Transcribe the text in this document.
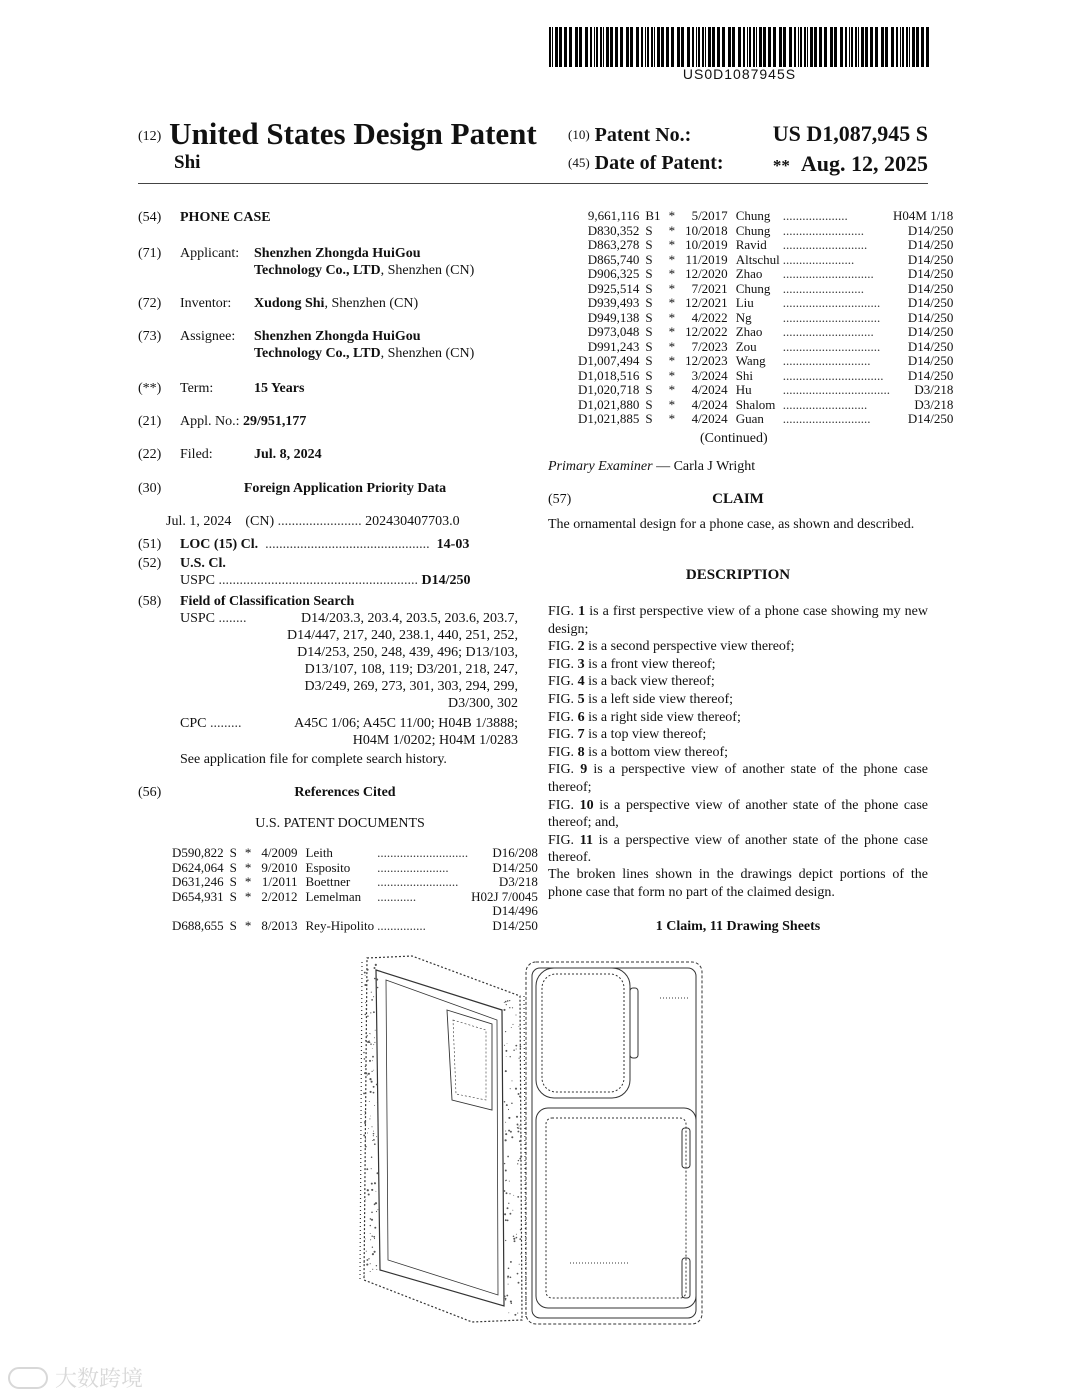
US0D1087945S
(12) United States Design Patent
Shi
(10) Patent No.:	US D1,087,945 S
(45) Date of Patent:	** Aug. 12, 2025
(54)	PHONE CASE
(71)	Applicant: Shenzhen Zhongda HuiGou
Technology Co., LTD, Shenzhen (CN)
(72)	Inventor: Xudong Shi, Shenzhen (CN)
(73)	Assignee: Shenzhen Zhongda HuiGou
Technology Co., LTD, Shenzhen (CN)
(**)	Term:	15 Years
(21)	Appl. No.: 29/951,177
(22)	Filed:	Jul. 8, 2024
(30)	Foreign Application Priority Data
Jul. 1, 2024 (CN) ........................ 202430407703.0
(51)	LOC (15) Cl. ............................................... 14-03
(52)	U.S. Cl.
USPC ......................................................... D14/250
(58)	Field of Classification Search
USPC ........	D14/203.3, 203.4, 203.5, 203.6, 203.7,
D14/447, 217, 240, 238.1, 440, 251, 252,
D14/253, 250, 248, 439, 496; D13/103,
D13/107, 108, 119; D3/201, 218, 247,
D3/249, 269, 273, 301, 303, 294, 299,
D3/300, 302
CPC .........	A45C 1/06; A45C 11/00; H04B 1/3888;
H04M 1/0202; H04M 1/0283
See application file for complete search history.
(56)	References Cited
U.S. PATENT DOCUMENTS
D590,822	S	*	4/2009	Leith	............................	D16/208
D624,064	S	*	9/2010	Esposito	......................	D14/250
D631,246	S	*	1/2011	Boettner	.........................	D3/218
D654,931	S	*	2/2012	Lemelman	............	H02J 7/0045
						D14/496
D688,655	S	*	8/2013	Rey-Hipolito	...............	D14/250
9,661,116	B1	*	5/2017	Chung	....................	H04M 1/18
D830,352	S	*	10/2018	Chung	.........................	D14/250
D863,278	S	*	10/2019	Ravid	..........................	D14/250
D865,740	S	*	11/2019	Altschul	......................	D14/250
D906,325	S	*	12/2020	Zhao	............................	D14/250
D925,514	S	*	7/2021	Chung	.........................	D14/250
D939,493	S	*	12/2021	Liu	..............................	D14/250
D949,138	S	*	4/2022	Ng	..............................	D14/250
D973,048	S	*	12/2022	Zhao	............................	D14/250
D991,243	S	*	7/2023	Zou	..............................	D14/250
D1,007,494	S	*	12/2023	Wang	...........................	D14/250
D1,018,516	S	*	3/2024	Shi	...............................	D14/250
D1,020,718	S	*	4/2024	Hu	.................................	D3/218
D1,021,880	S	*	4/2024	Shalom	..........................	D3/218
D1,021,885	S	*	4/2024	Guan	...........................	D14/250
(Continued)
Primary Examiner — Carla J Wright
(57)	CLAIM
The ornamental design for a phone case, as shown and described.
DESCRIPTION
FIG. 1 is a first perspective view of a phone case showing my new design;
FIG. 2 is a second perspective view thereof;
FIG. 3 is a front view thereof;
FIG. 4 is a back view thereof;
FIG. 5 is a left side view thereof;
FIG. 6 is a right side view thereof;
FIG. 7 is a top view thereof;
FIG. 8 is a bottom view thereof;
FIG. 9 is a perspective view of another state of the phone case thereof;
FIG. 10 is a perspective view of another state of the phone case thereof; and,
FIG. 11 is a perspective view of another state of the phone case thereof.
The broken lines shown in the drawings depict portions of the phone case that form no part of the claimed design.
1 Claim, 11 Drawing Sheets
大数跨境
